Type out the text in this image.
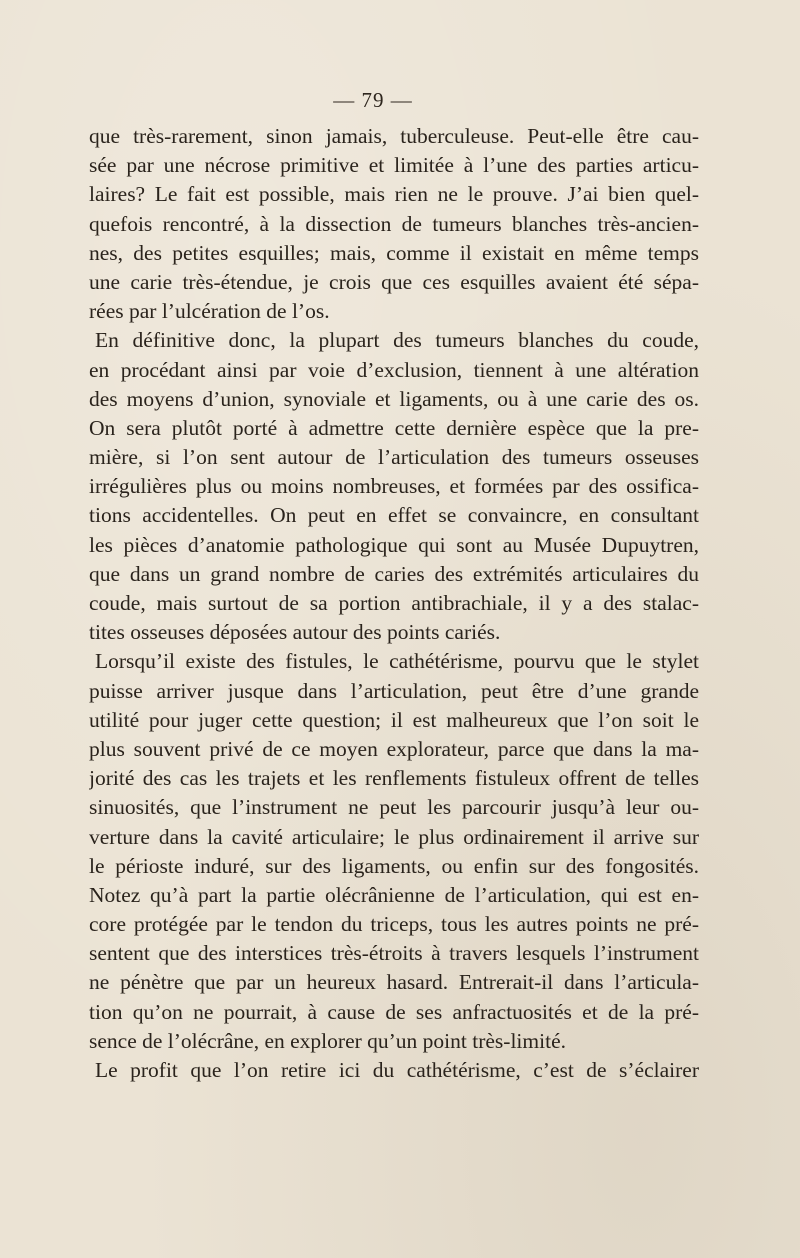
— 79 —
que très-rarement, sinon jamais, tuberculeuse. Peut-elle être cau-
sée par une nécrose primitive et limitée à l’une des parties articu-
laires? Le fait est possible, mais rien ne le prouve. J’ai bien quel-
quefois rencontré, à la dissection de tumeurs blanches très-ancien-
nes, des petites esquilles; mais, comme il existait en même temps
une carie très-étendue, je crois que ces esquilles avaient été sépa-
rées par l’ulcération de l’os.
En définitive donc, la plupart des tumeurs blanches du coude,
en procédant ainsi par voie d’exclusion, tiennent à une altération
des moyens d’union, synoviale et ligaments, ou à une carie des os.
On sera plutôt porté à admettre cette dernière espèce que la pre-
mière, si l’on sent autour de l’articulation des tumeurs osseuses
irrégulières plus ou moins nombreuses, et formées par des ossifica-
tions accidentelles. On peut en effet se convaincre, en consultant
les pièces d’anatomie pathologique qui sont au Musée Dupuytren,
que dans un grand nombre de caries des extrémités articulaires du
coude, mais surtout de sa portion antibrachiale, il y a des stalac-
tites osseuses déposées autour des points cariés.
Lorsqu’il existe des fistules, le cathétérisme, pourvu que le stylet
puisse arriver jusque dans l’articulation, peut être d’une grande
utilité pour juger cette question; il est malheureux que l’on soit le
plus souvent privé de ce moyen explorateur, parce que dans la ma-
jorité des cas les trajets et les renflements fistuleux offrent de telles
sinuosités, que l’instrument ne peut les parcourir jusqu’à leur ou-
verture dans la cavité articulaire; le plus ordinairement il arrive sur
le périoste induré, sur des ligaments, ou enfin sur des fongosités.
Notez qu’à part la partie olécrânienne de l’articulation, qui est en-
core protégée par le tendon du triceps, tous les autres points ne pré-
sentent que des interstices très-étroits à travers lesquels l’instrument
ne pénètre que par un heureux hasard. Entrerait-il dans l’articula-
tion qu’on ne pourrait, à cause de ses anfractuosités et de la pré-
sence de l’olécrâne, en explorer qu’un point très-limité.
Le profit que l’on retire ici du cathétérisme, c’est de s’éclairer
